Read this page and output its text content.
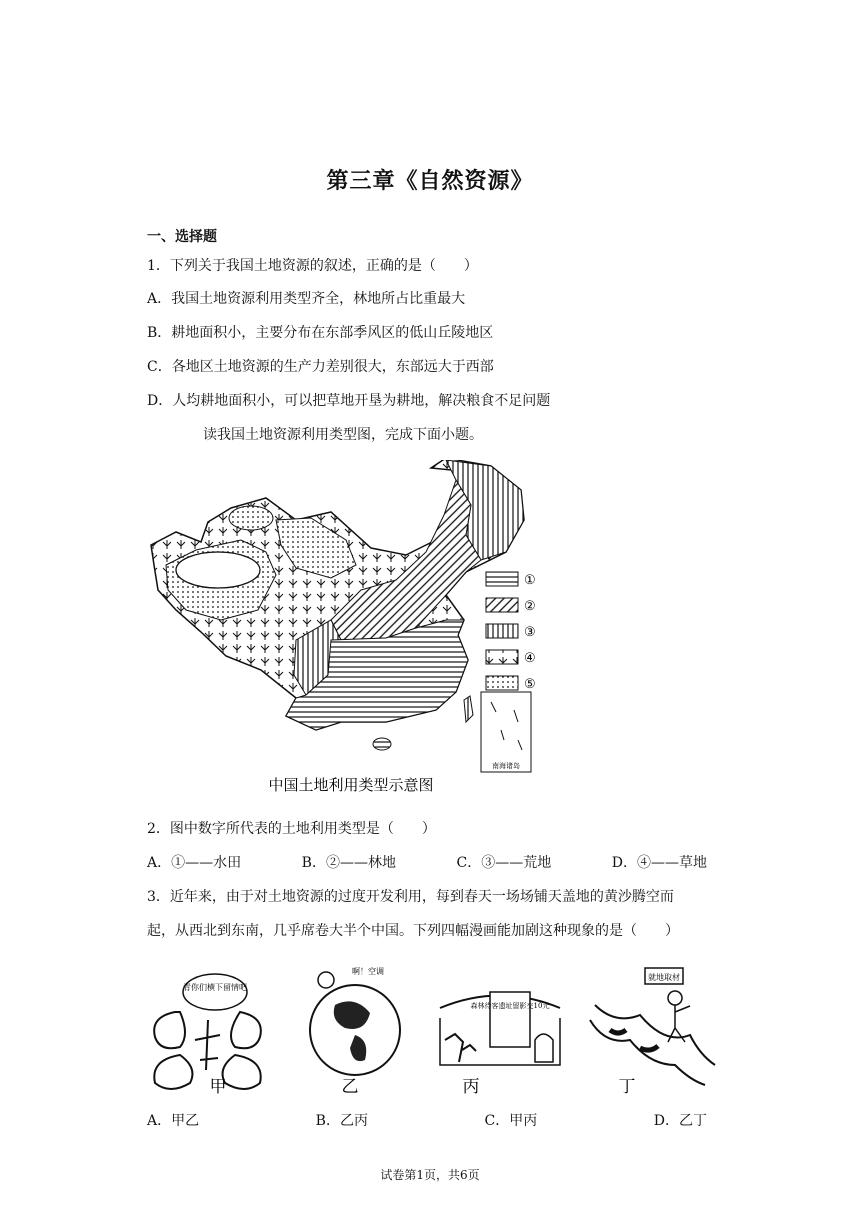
第三章《自然资源》
一、选择题
1．下列关于我国土地资源的叙述，正确的是（　　）
A．我国土地资源利用类型齐全，林地所占比重最大
B．耕地面积小，主要分布在东部季风区的低山丘陵地区
C．各地区土地资源的生产力差别很大，东部远大于西部
D．人均耕地面积小，可以把草地开垦为耕地，解决粮食不足问题
读我国土地资源利用类型图，完成下面小题。
南海诸岛
①
②
③
④
⑤
中国土地利用类型示意图
2．图中数字所代表的土地利用类型是（　　）
A．①——水田	B．②——林地	C．③——荒地	D．④——草地
3．近年来，由于对土地资源的过度开发利用，每到春天一场场铺天盖地的黄沙腾空而
起，从西北到东南，几乎席卷大半个中国。下列四幅漫画能加剧这种现象的是（　　）
青你们横下留情吧
甲
啊！空调
乙
森林待客遗址留影交10元
丙
就地取材
丁
A．甲乙	B．乙丙	C．甲丙	D．乙丁
试卷第1页，共6页
